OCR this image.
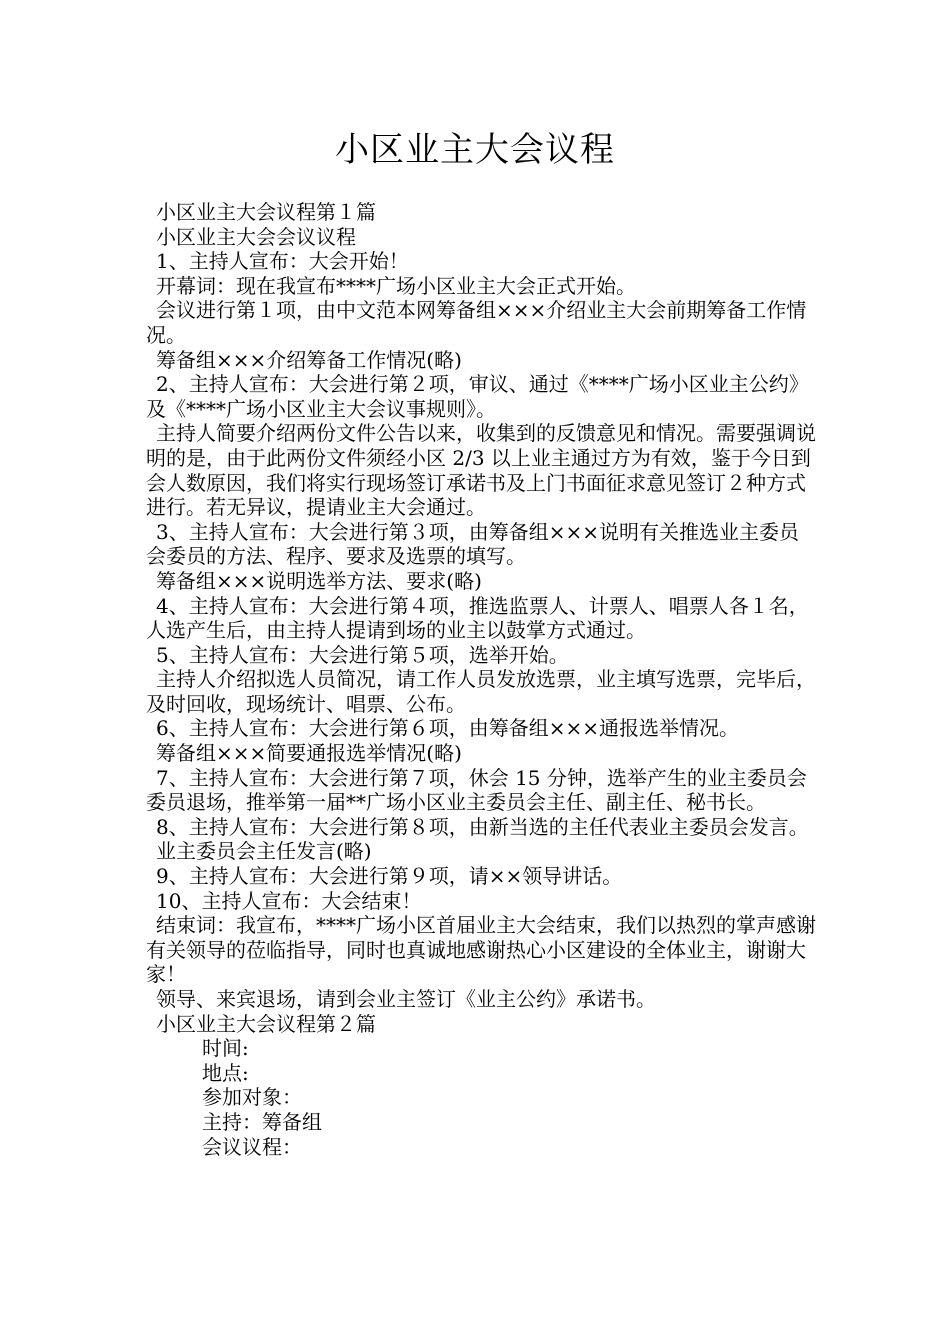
小区业主大会议程

小区业主大会议程第１篇

小区业主大会会议议程

1、主持人宣布：大会开始！

开幕词：现在我宣布****广场小区业主大会正式开始。

会议进行第１项，由中文范本网筹备组×××介绍业主大会前期筹备工作情况。

筹备组×××介绍筹备工作情况(略)

2、主持人宣布：大会进行第２项，审议、通过《****广场小区业主公约》及《****广场小区业主大会议事规则》。

主持人简要介绍两份文件公告以来，收集到的反馈意见和情况。需要强调说明的是，由于此两份文件须经小区 2/3 以上业主通过方为有效，鉴于今日到会人数原因，我们将实行现场签订承诺书及上门书面征求意见签订２种方式进行。若无异议，提请业主大会通过。

3、主持人宣布：大会进行第３项，由筹备组×××说明有关推选业主委员会委员的方法、程序、要求及选票的填写。

筹备组×××说明选举方法、要求(略)

4、主持人宣布：大会进行第４项，推选监票人、计票人、唱票人各１名，人选产生后，由主持人提请到场的业主以鼓掌方式通过。

5、主持人宣布：大会进行第５项，选举开始。

主持人介绍拟选人员简况，请工作人员发放选票，业主填写选票，完毕后，及时回收，现场统计、唱票、公布。

6、主持人宣布：大会进行第６项，由筹备组×××通报选举情况。

筹备组×××简要通报选举情况(略)

7、主持人宣布：大会进行第７项，休会 15 分钟，选举产生的业主委员会委员退场，推举第一届**广场小区业主委员会主任、副主任、秘书长。

8、主持人宣布：大会进行第８项，由新当选的主任代表业主委员会发言。

业主委员会主任发言(略)

9、主持人宣布：大会进行第９项，请××领导讲话。

10、主持人宣布：大会结束！

结束词：我宣布，****广场小区首届业主大会结束，我们以热烈的掌声感谢有关领导的莅临指导，同时也真诚地感谢热心小区建设的全体业主，谢谢大家！

领导、来宾退场，请到会业主签订《业主公约》承诺书。

小区业主大会议程第２篇

时间:

地点:

参加对象：

主持：筹备组

会议议程：
